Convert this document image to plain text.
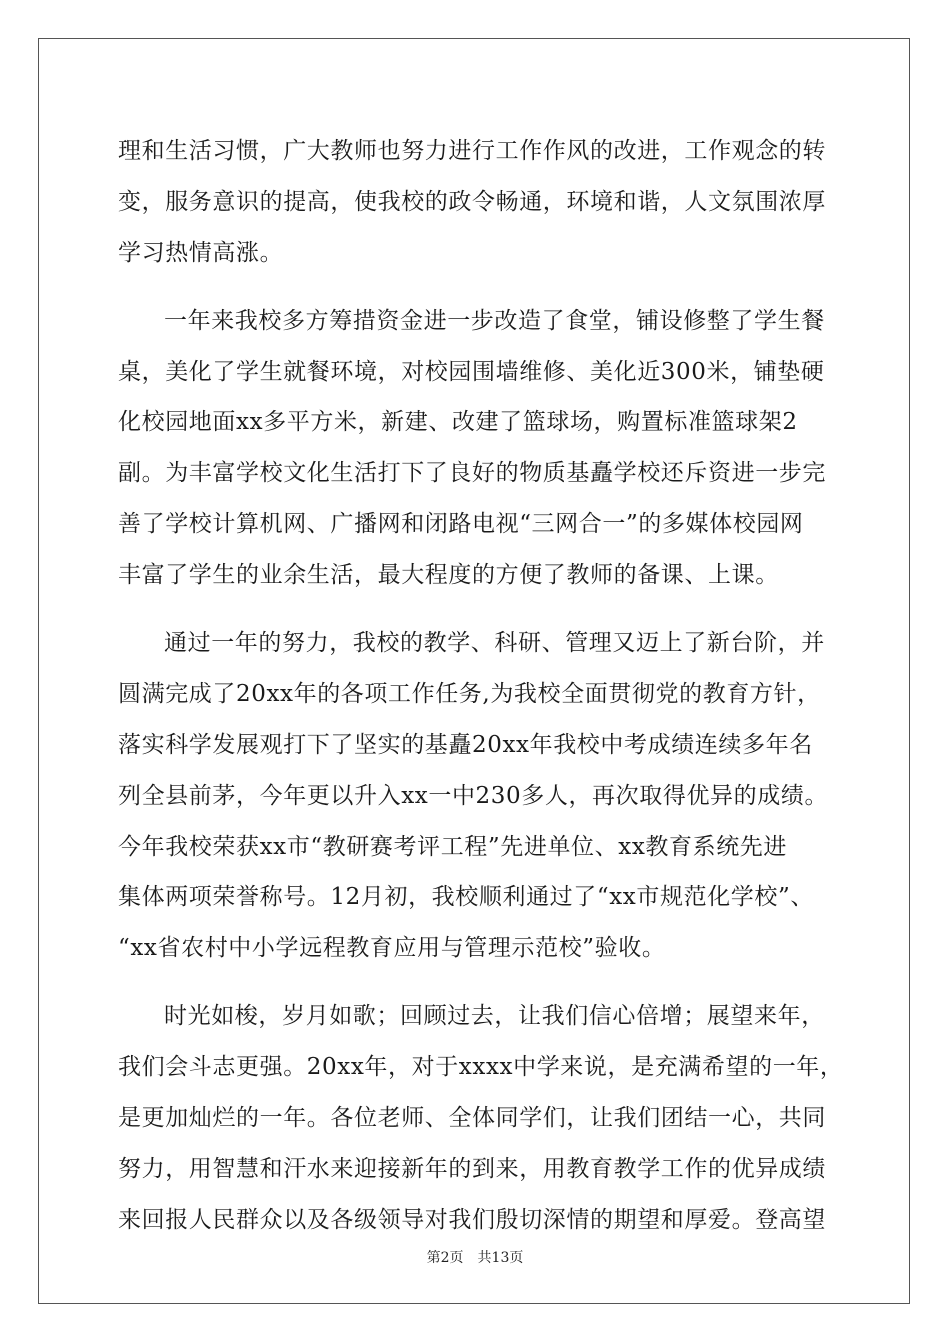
理和生活习惯，广大教师也努力进行工作作风的改进，工作观念的转
变，服务意识的提高，使我校的政令畅通，环境和谐，人文氛围浓厚
学习热情高涨。
一年来我校多方筹措资金进一步改造了食堂，铺设修整了学生餐
桌，美化了学生就餐环境，对校园围墙维修、美化近300米，铺垫硬
化校园地面xx多平方米，新建、改建了篮球场，购置标准篮球架2
副。为丰富学校文化生活打下了良好的物质基矗学校还斥资进一步完
善了学校计算机网、广播网和闭路电视“三网合一”的多媒体校园网
丰富了学生的业余生活，最大程度的方便了教师的备课、上课。
通过一年的努力，我校的教学、科研、管理又迈上了新台阶，并
圆满完成了20xx年的各项工作任务,为我校全面贯彻党的教育方针，
落实科学发展观打下了坚实的基矗20xx年我校中考成绩连续多年名
列全县前茅，今年更以升入xx一中230多人，再次取得优异的成绩。
今年我校荣获xx市“教研赛考评工程”先进单位、xx教育系统先进
集体两项荣誉称号。12月初，我校顺利通过了“xx市规范化学校”、
“xx省农村中小学远程教育应用与管理示范校”验收。
时光如梭，岁月如歌；回顾过去，让我们信心倍增；展望来年，
我们会斗志更强。20xx年，对于xxxx中学来说，是充满希望的一年，
是更加灿烂的一年。各位老师、全体同学们，让我们团结一心，共同
努力，用智慧和汗水来迎接新年的到来，用教育教学工作的优异成绩
来回报人民群众以及各级领导对我们殷切深情的期望和厚爱。登高望
第2页 共13页
